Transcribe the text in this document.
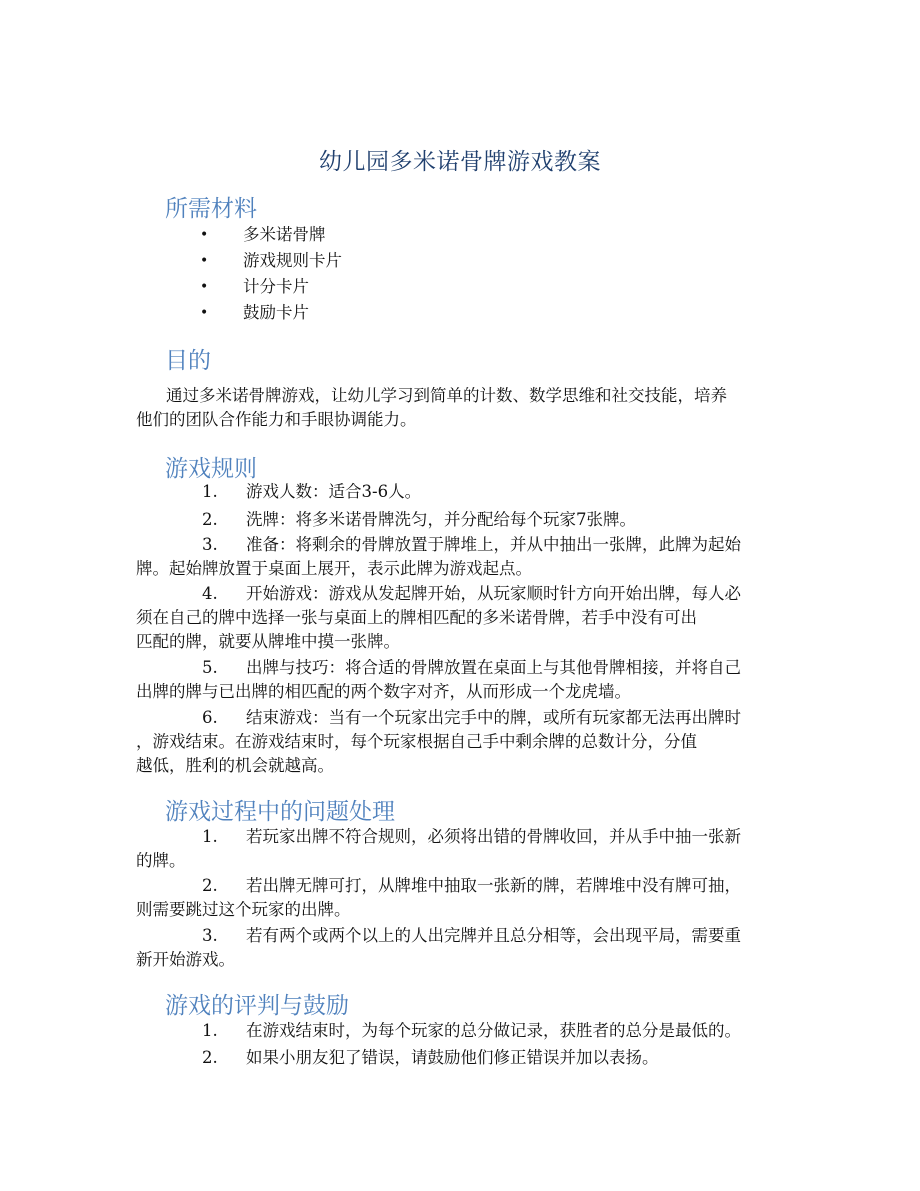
幼儿园多米诺骨牌游戏教案
所需材料
• 多米诺骨牌
• 游戏规则卡片
• 计分卡片
• 鼓励卡片
目的
通过多米诺骨牌游戏，让幼儿学习到简单的计数、数学思维和社交技能，培养
他们的团队合作能力和手眼协调能力。
游戏规则
1. 游戏人数：适合3-6人。
2. 洗牌：将多米诺骨牌洗匀，并分配给每个玩家7张牌。
3. 准备：将剩余的骨牌放置于牌堆上，并从中抽出一张牌，此牌为起始
牌。起始牌放置于桌面上展开，表示此牌为游戏起点。
4. 开始游戏：游戏从发起牌开始，从玩家顺时针方向开始出牌，每人必
须在自己的牌中选择一张与桌面上的牌相匹配的多米诺骨牌，若手中没有可出
匹配的牌，就要从牌堆中摸一张牌。
5. 出牌与技巧：将合适的骨牌放置在桌面上与其他骨牌相接，并将自己
出牌的牌与已出牌的相匹配的两个数字对齐，从而形成一个龙虎墙。
6. 结束游戏：当有一个玩家出完手中的牌，或所有玩家都无法再出牌时
，游戏结束。在游戏结束时，每个玩家根据自己手中剩余牌的总数计分，分值
越低，胜利的机会就越高。
游戏过程中的问题处理
1. 若玩家出牌不符合规则，必须将出错的骨牌收回，并从手中抽一张新
的牌。
2. 若出牌无牌可打，从牌堆中抽取一张新的牌，若牌堆中没有牌可抽，
则需要跳过这个玩家的出牌。
3. 若有两个或两个以上的人出完牌并且总分相等，会出现平局，需要重
新开始游戏。
游戏的评判与鼓励
1. 在游戏结束时，为每个玩家的总分做记录，获胜者的总分是最低的。
2. 如果小朋友犯了错误，请鼓励他们修正错误并加以表扬。
